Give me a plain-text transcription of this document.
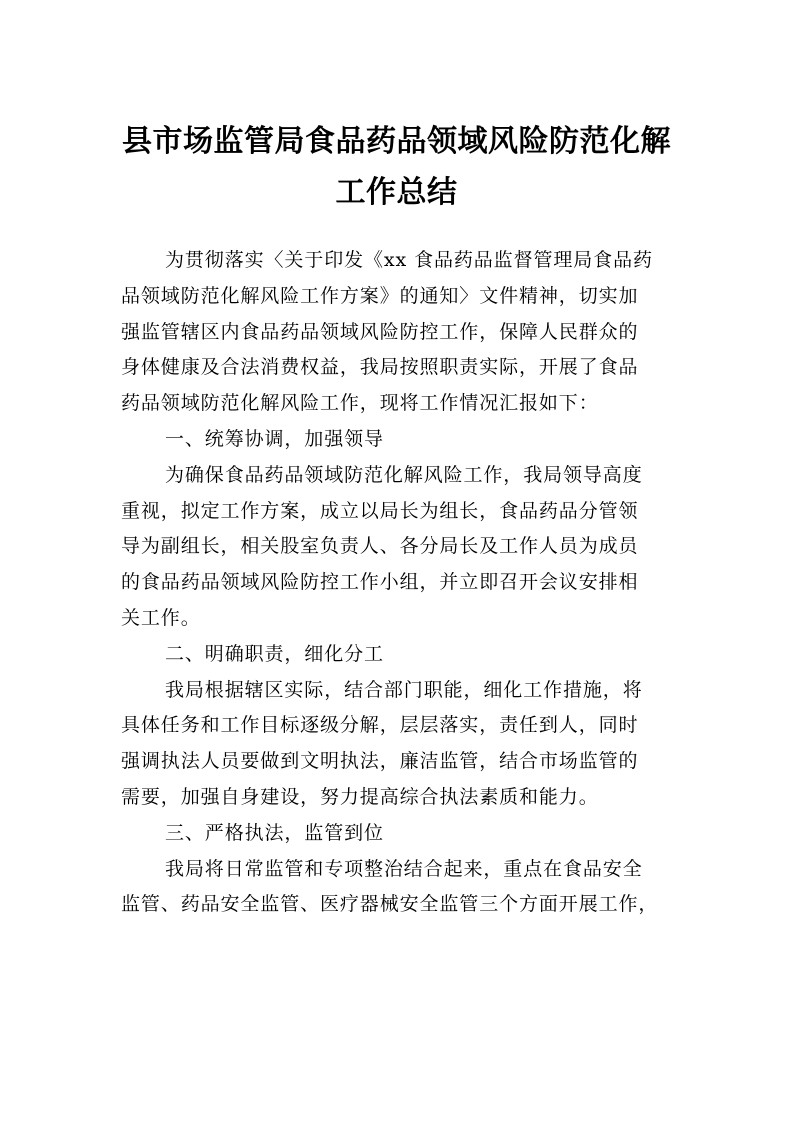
县市场监管局食品药品领域风险防范化解
工作总结
为贯彻落实〈关于印发《xx 食品药品监督管理局食品药
品领域防范化解风险工作方案》的通知〉文件精神，切实加
强监管辖区内食品药品领域风险防控工作，保障人民群众的
身体健康及合法消费权益，我局按照职责实际，开展了食品
药品领域防范化解风险工作，现将工作情况汇报如下：
一、统筹协调，加强领导
为确保食品药品领域防范化解风险工作，我局领导高度
重视，拟定工作方案，成立以局长为组长，食品药品分管领
导为副组长，相关股室负责人、各分局长及工作人员为成员
的食品药品领域风险防控工作小组，并立即召开会议安排相
关工作。
二、明确职责，细化分工
我局根据辖区实际，结合部门职能，细化工作措施，将
具体任务和工作目标逐级分解，层层落实，责任到人，同时
强调执法人员要做到文明执法，廉洁监管，结合市场监管的
需要，加强自身建设，努力提高综合执法素质和能力。
三、严格执法，监管到位
我局将日常监管和专项整治结合起来，重点在食品安全
监管、药品安全监管、医疗器械安全监管三个方面开展工作，
